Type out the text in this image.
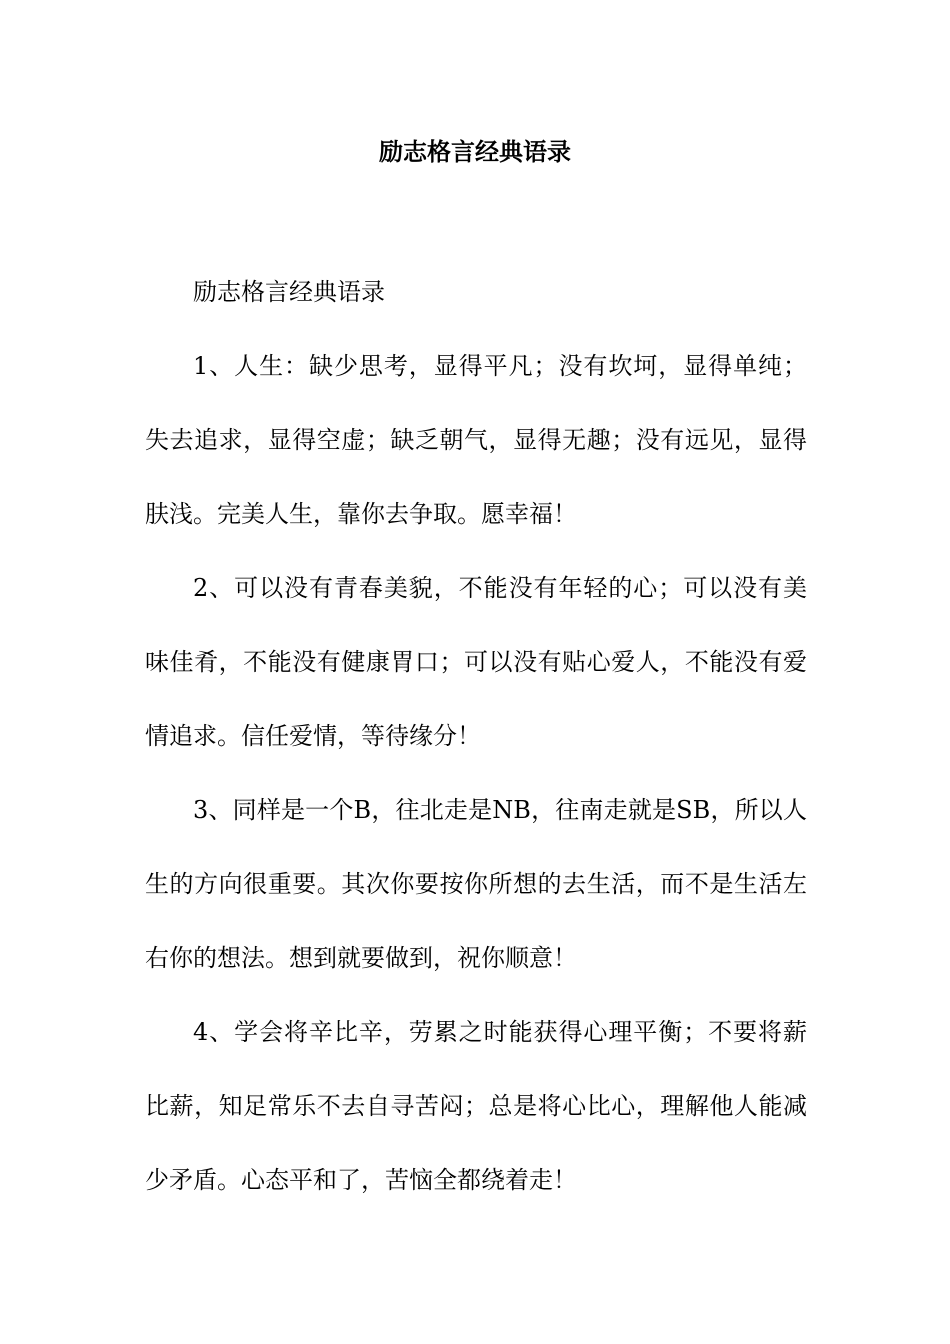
励志格言经典语录

励志格言经典语录

1、人生：缺少思考，显得平凡；没有坎坷，显得单纯；失去追求，显得空虚；缺乏朝气，显得无趣；没有远见，显得肤浅。完美人生，靠你去争取。愿幸福！

2、可以没有青春美貌，不能没有年轻的心；可以没有美味佳肴，不能没有健康胃口；可以没有贴心爱人，不能没有爱情追求。信任爱情，等待缘分！

3、同样是一个B，往北走是NB，往南走就是SB，所以人生的方向很重要。其次你要按你所想的去生活，而不是生活左右你的想法。想到就要做到，祝你顺意！

4、学会将辛比辛，劳累之时能获得心理平衡；不要将薪比薪，知足常乐不去自寻苦闷；总是将心比心，理解他人能减少矛盾。心态平和了，苦恼全都绕着走！
